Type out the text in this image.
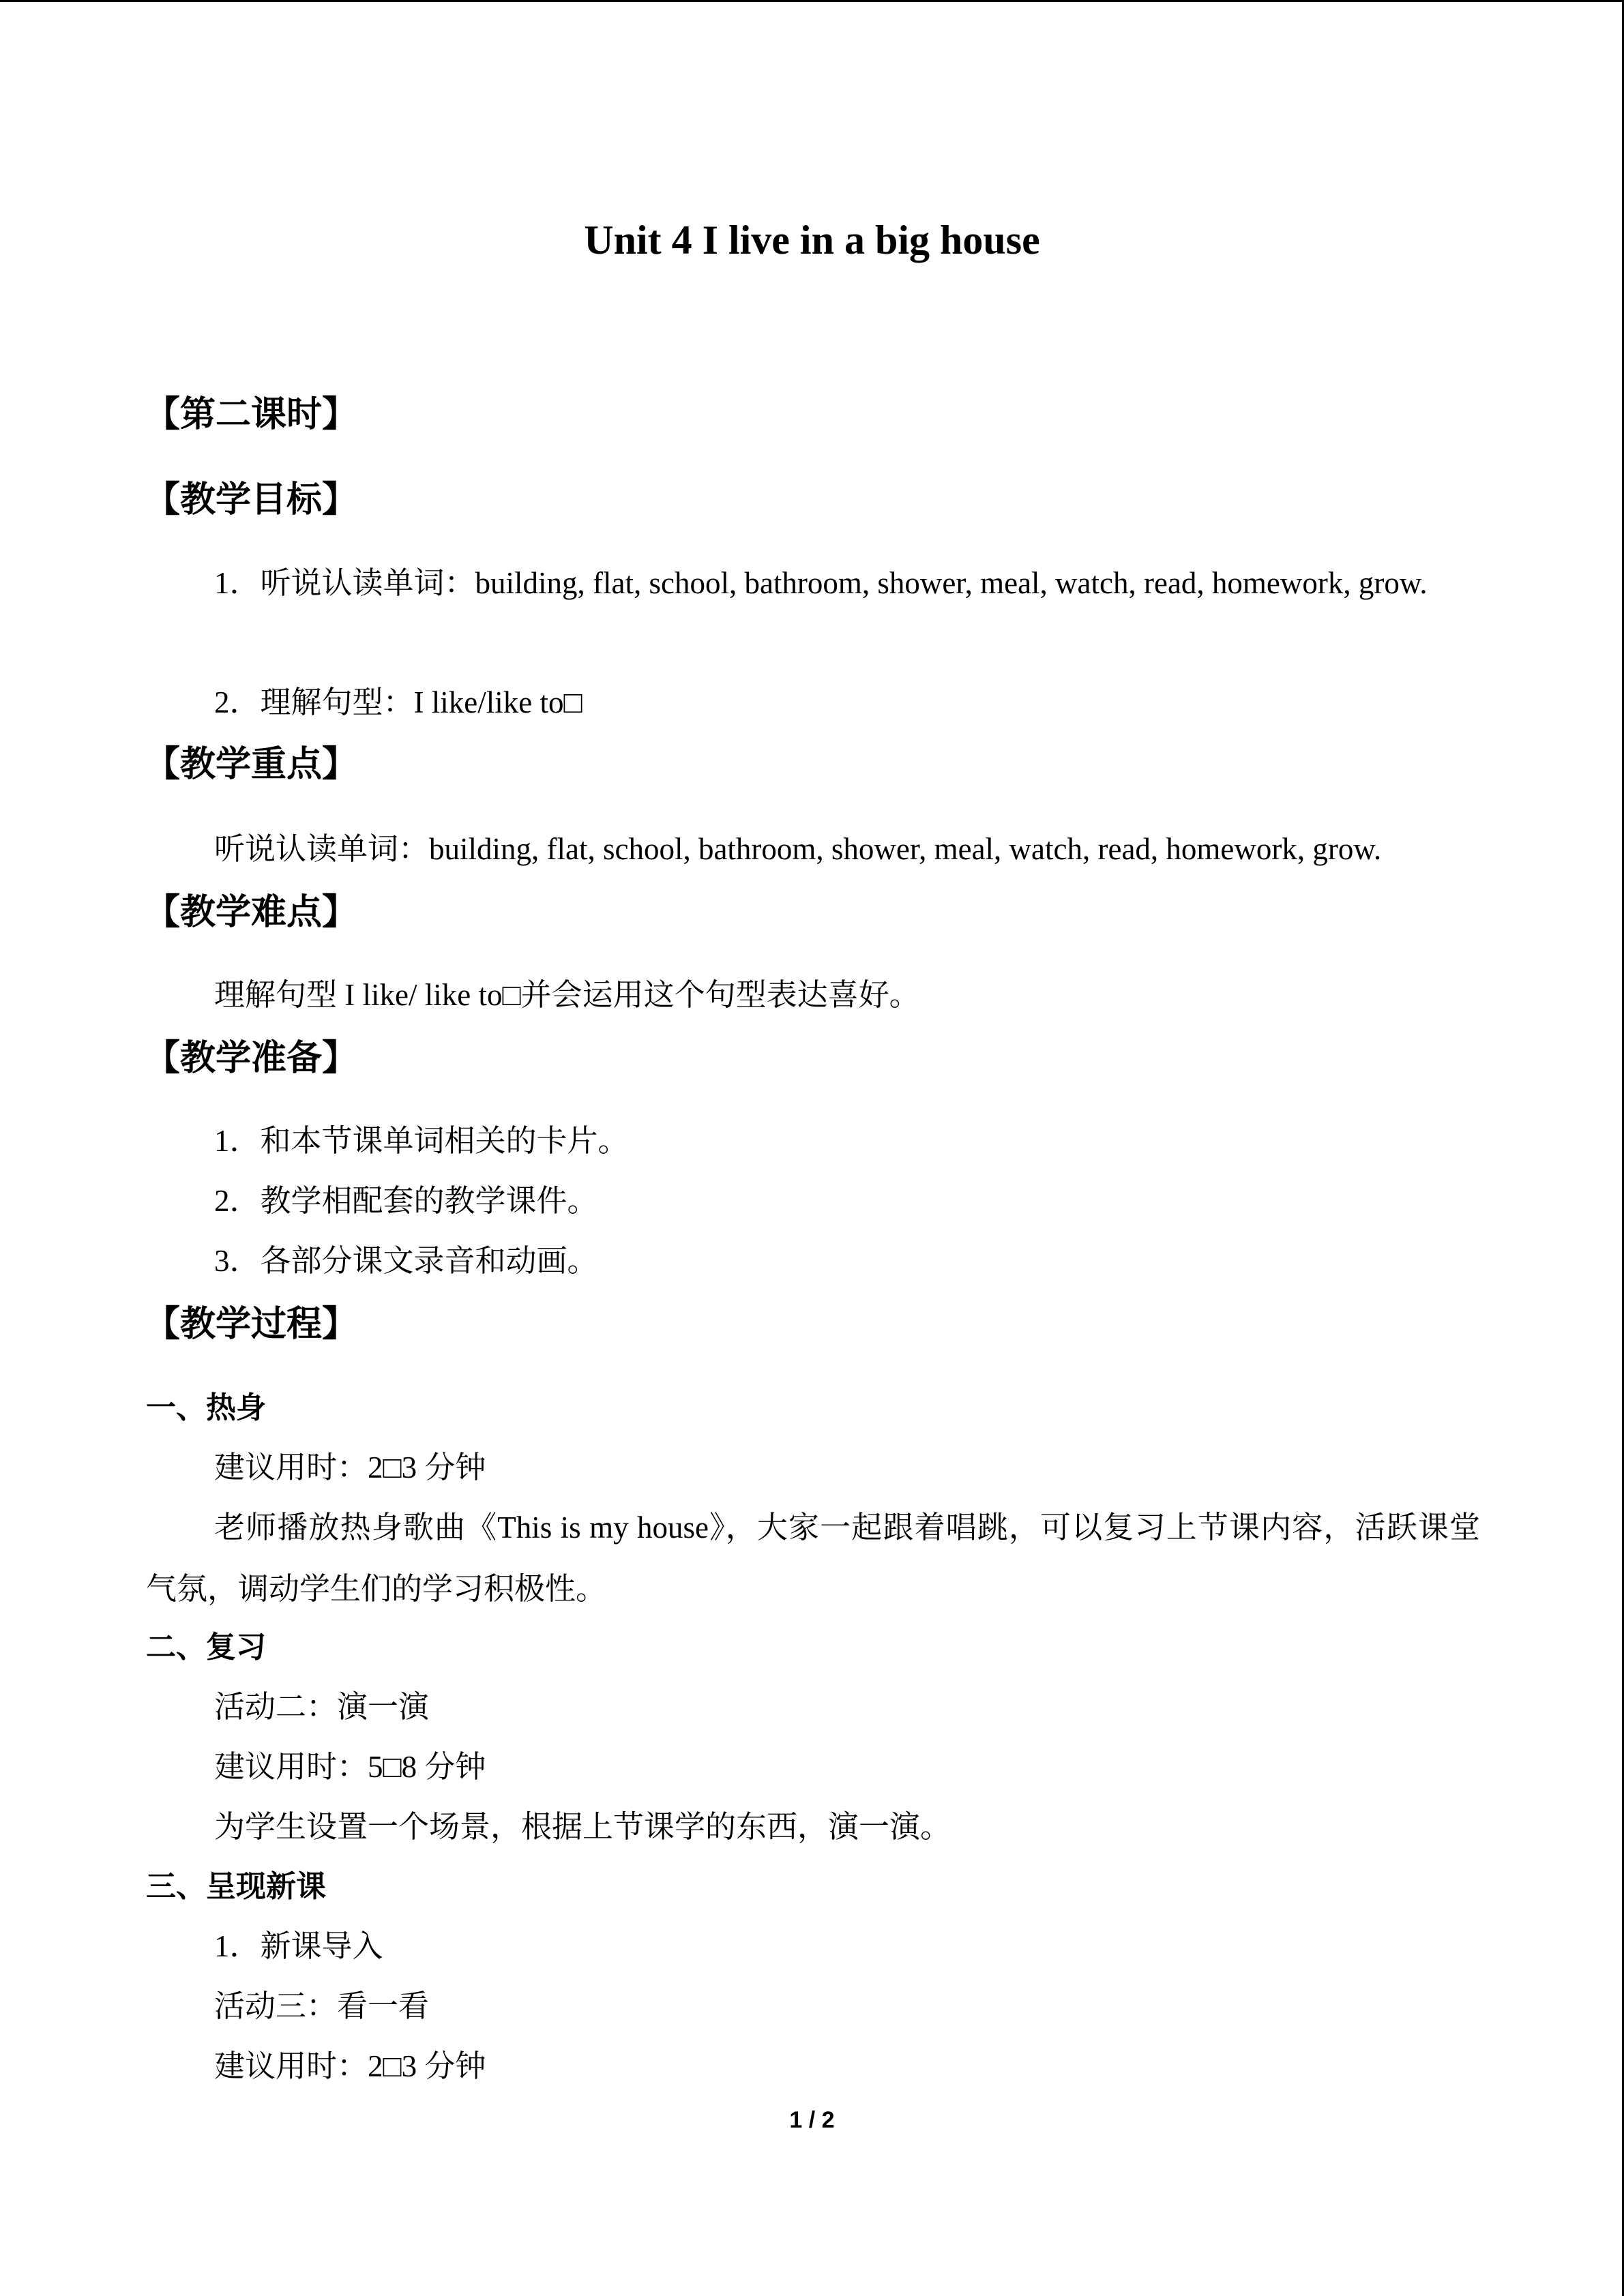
Unit 4 I live in a big house
【第二课时】
【教学目标】
1．听说认读单词：building, flat, school, bathroom, shower, meal, watch, read, homework, grow.
2．理解句型：I like/like to□
【教学重点】
听说认读单词：building, flat, school, bathroom, shower, meal, watch, read, homework, grow.
【教学难点】
理解句型 I like/ like to□并会运用这个句型表达喜好。
【教学准备】
1．和本节课单词相关的卡片。
2．教学相配套的教学课件。
3．各部分课文录音和动画。
【教学过程】
一、热身
建议用时：2□3 分钟
老师播放热身歌曲《This is my house》，大家一起跟着唱跳，可以复习上节课内容，活跃课堂气氛，调动学生们的学习积极性。
二、复习
活动二：演一演
建议用时：5□8 分钟
为学生设置一个场景，根据上节课学的东西，演一演。
三、呈现新课
1．新课导入
活动三：看一看
建议用时：2□3 分钟
1 / 2
